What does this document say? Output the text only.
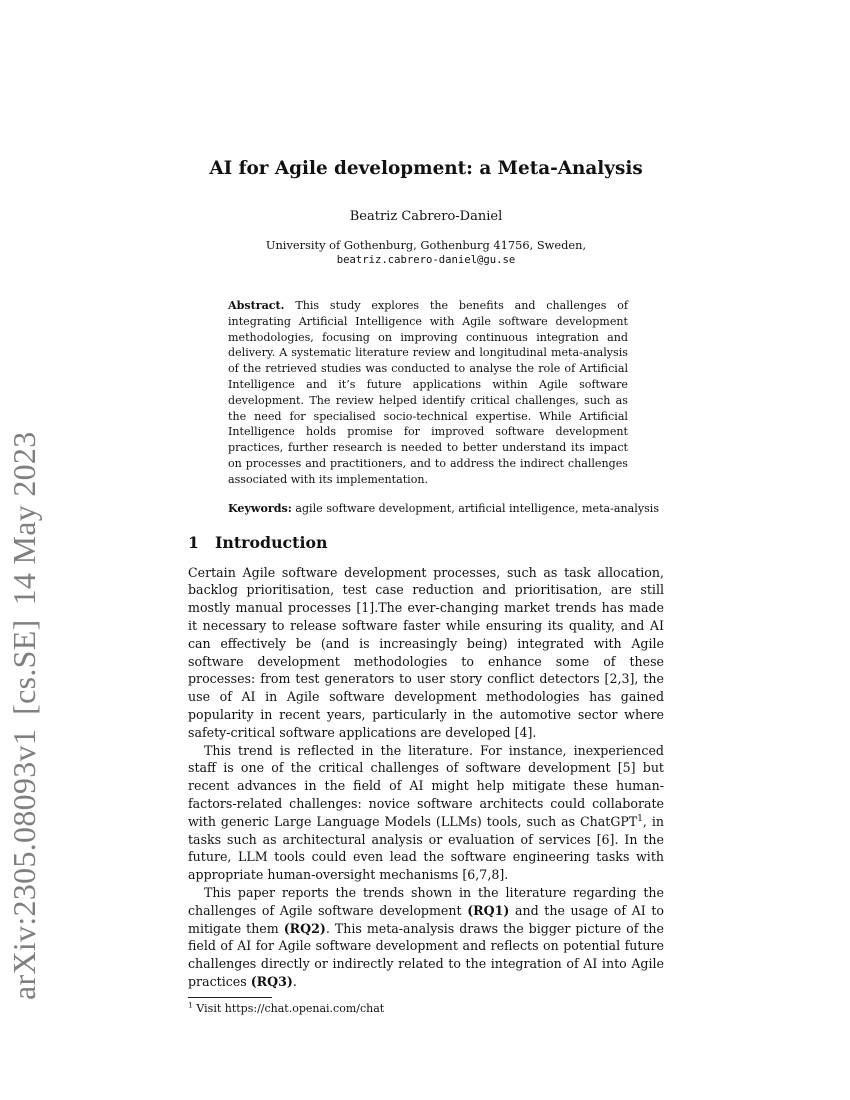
arXiv:2305.08093v1[cs.SE]14 May 2023
AI for Agile development: a Meta-Analysis
Beatriz Cabrero-Daniel
University of Gothenburg, Gothenburg 41756, Sweden,
beatriz.cabrero-daniel@gu.se
Abstract. This study explores the benefits and challenges of integrating Artificial Intelligence with Agile software development methodologies, focusing on improving continuous integration and delivery. A systematic literature review and longitudinal meta-analysis of the retrieved studies was conducted to analyse the role of Artificial Intelligence and it’s future applications within Agile software development. The review helped identify critical challenges, such as the need for specialised socio-technical expertise. While Artificial Intelligence holds promise for improved software development practices, further research is needed to better understand its impact on processes and practitioners, and to address the indirect challenges associated with its implementation.
Keywords: agile software development, artificial intelligence, meta-analysis
1 Introduction

Certain Agile software development processes, such as task allocation, backlog prioritisation, test case reduction and prioritisation, are still mostly manual processes [1].The ever-changing market trends has made it necessary to release software faster while ensuring its quality, and AI can effectively be (and is increasingly being) integrated with Agile software development methodologies to enhance some of these processes: from test generators to user story conflict detectors [2,3], the use of AI in Agile software development methodologies has gained popularity in recent years, particularly in the automotive sector where safety-critical software applications are developed [4].

This trend is reflected in the literature. For instance, inexperienced staff is one of the critical challenges of software development [5] but recent advances in the field of AI might help mitigate these human-factors-related challenges: novice software architects could collaborate with generic Large Language Models (LLMs) tools, such as ChatGPT$^1$, in tasks such as architectural analysis or evaluation of services [6]. In the future, LLM tools could even lead the software engineering tasks with appropriate human-oversight mechanisms [6,7,8].

This paper reports the trends shown in the literature regarding the challenges of Agile software development (RQ1) and the usage of AI to mitigate them (RQ2). This meta-analysis draws the bigger picture of the field of AI for Agile software development and reflects on potential future challenges directly or indirectly related to the integration of AI into Agile practices (RQ3).

$^1$ Visit https://chat.openai.com/chat
